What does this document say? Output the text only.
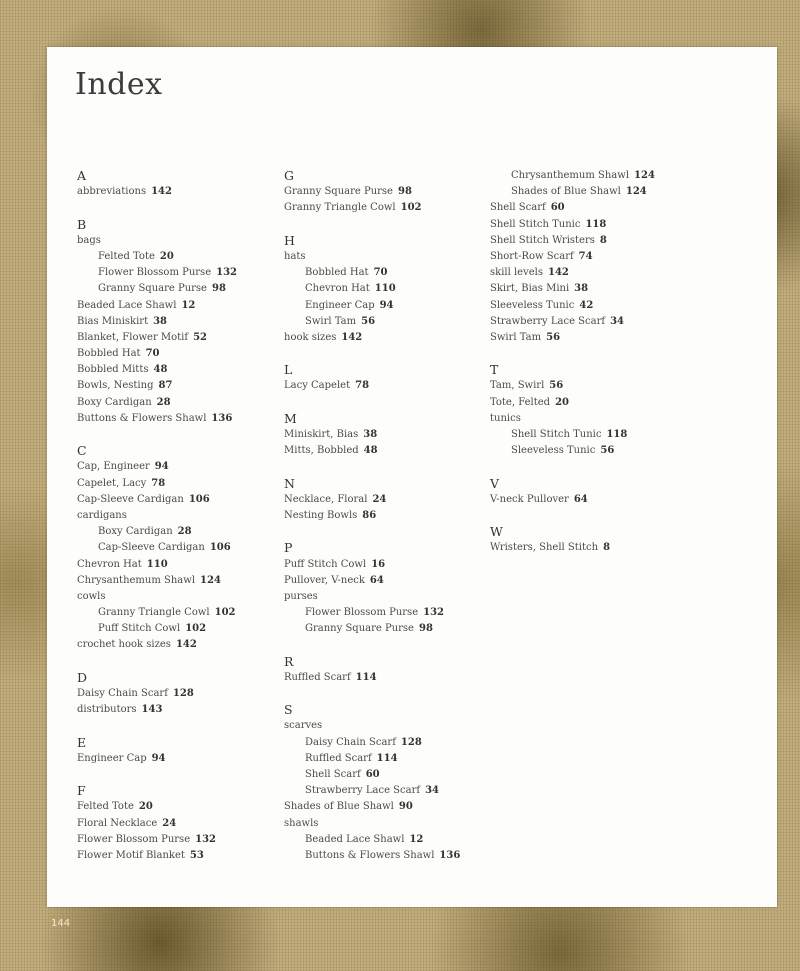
Index
A
abbreviations 142
B
bags
Felted Tote 20
Flower Blossom Purse 132
Granny Square Purse 98
Beaded Lace Shawl 12
Bias Miniskirt 38
Blanket, Flower Motif 52
Bobbled Hat 70
Bobbled Mitts 48
Bowls, Nesting 87
Boxy Cardigan 28
Buttons & Flowers Shawl 136
C
Cap, Engineer 94
Capelet, Lacy 78
Cap-Sleeve Cardigan 106
cardigans
Boxy Cardigan 28
Cap-Sleeve Cardigan 106
Chevron Hat 110
Chrysanthemum Shawl 124
cowls
Granny Triangle Cowl 102
Puff Stitch Cowl 102
crochet hook sizes 142
D
Daisy Chain Scarf 128
distributors 143
E
Engineer Cap 94
F
Felted Tote 20
Floral Necklace 24
Flower Blossom Purse 132
Flower Motif Blanket 53
G
Granny Square Purse 98
Granny Triangle Cowl 102
H
hats
Bobbled Hat 70
Chevron Hat 110
Engineer Cap 94
Swirl Tam 56
hook sizes 142
L
Lacy Capelet 78
M
Miniskirt, Bias 38
Mitts, Bobbled 48
N
Necklace, Floral 24
Nesting Bowls 86
P
Puff Stitch Cowl 16
Pullover, V-neck 64
purses
Flower Blossom Purse 132
Granny Square Purse 98
R
Ruffled Scarf 114
S
scarves
Daisy Chain Scarf 128
Ruffled Scarf 114
Shell Scarf 60
Strawberry Lace Scarf 34
Shades of Blue Shawl 90
shawls
Beaded Lace Shawl 12
Buttons & Flowers Shawl 136
Chrysanthemum Shawl 124
Shades of Blue Shawl 124
Shell Scarf 60
Shell Stitch Tunic 118
Shell Stitch Wristers 8
Short-Row Scarf 74
skill levels 142
Skirt, Bias Mini 38
Sleeveless Tunic 42
Strawberry Lace Scarf 34
Swirl Tam 56
T
Tam, Swirl 56
Tote, Felted 20
tunics
Shell Stitch Tunic 118
Sleeveless Tunic 56
V
V-neck Pullover 64
W
Wristers, Shell Stitch 8
144
